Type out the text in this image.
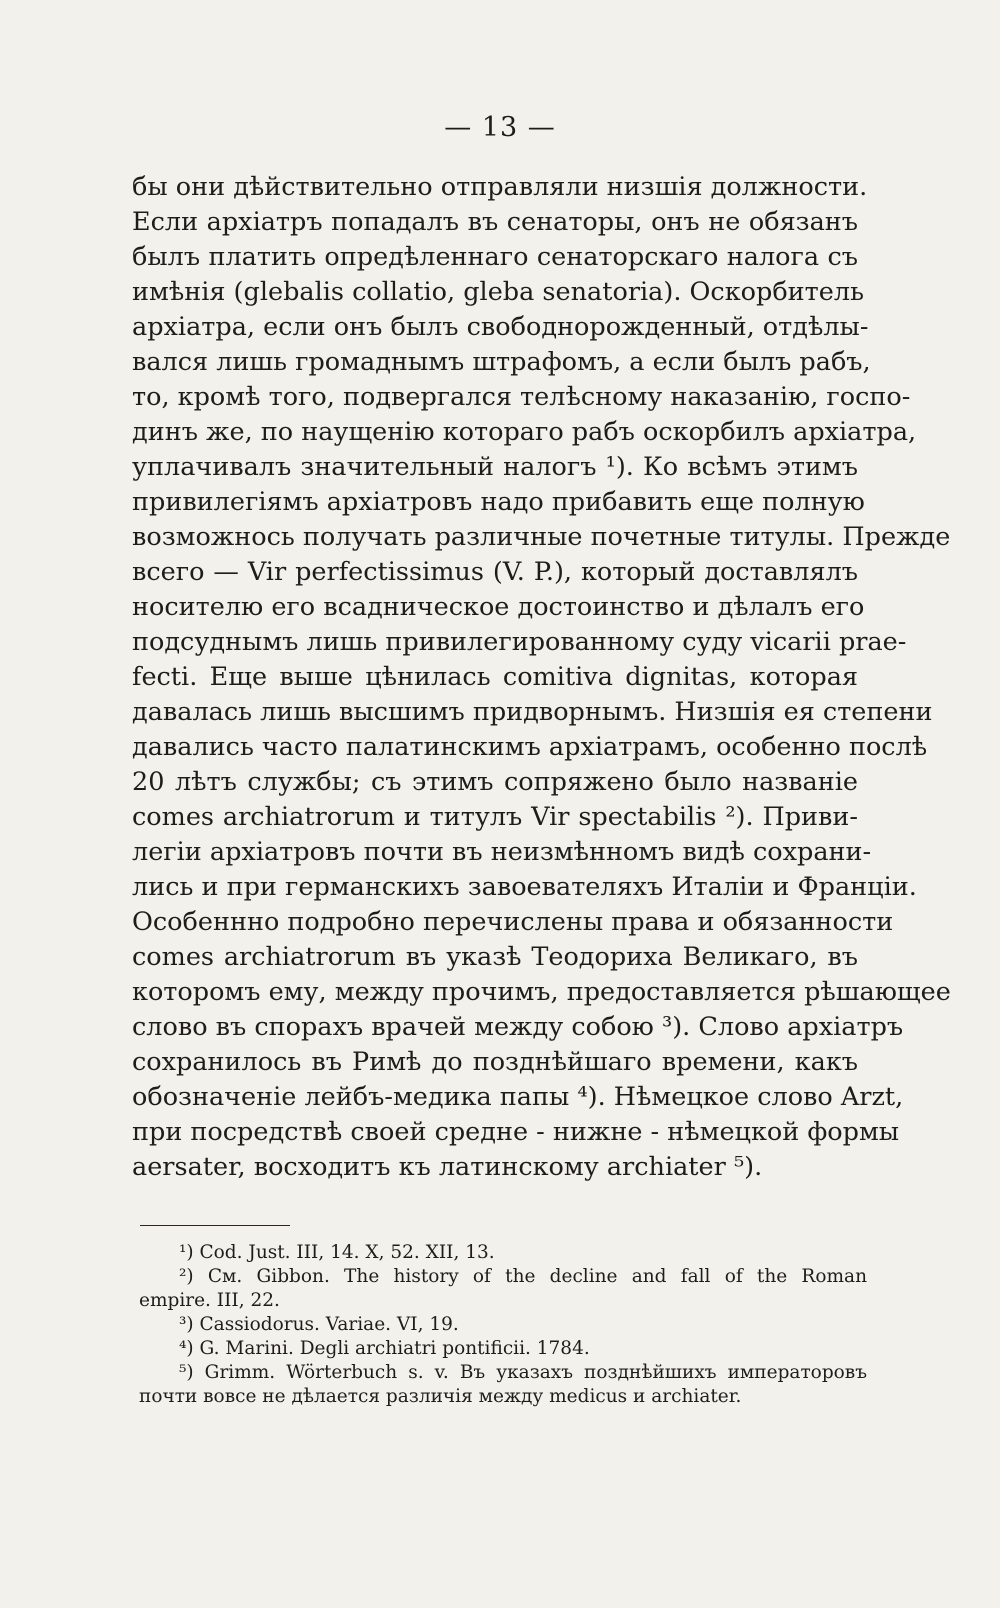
— 13 —
бы они дѣйствительно отправляли низшія должности.
Если архіатръ попадалъ въ сенаторы, онъ не обязанъ
былъ платить опредѣленнаго сенаторскаго налога съ
имѣнія (glebalis collatio, gleba senatoria). Оскорбитель
архіатра, если онъ былъ свободнорожденный, отдѣлы-
вался лишь громаднымъ штрафомъ, а если былъ рабъ,
то, кромѣ того, подвергался телѣсному наказанію, госпо-
динъ же, по наущенію котораго рабъ оскорбилъ архіатра,
уплачивалъ значительный налогъ ¹). Ко всѣмъ этимъ
привилегіямъ архіатровъ надо прибавить еще полную
возможнось получать различные почетные титулы. Прежде
всего — Vir perfectissimus (V. P.), который доставлялъ
носителю его всадническое достоинство и дѣлалъ его
подсуднымъ лишь привилегированному суду vicarii prae-
fecti. Еще выше цѣнилась comitiva dignitas, которая
давалась лишь высшимъ придворнымъ. Низшія ея степени
давались часто палатинскимъ архіатрамъ, особенно послѣ
20 лѣтъ службы; съ этимъ сопряжено было названіе
comes archiatrorum и титулъ Vir spectabilis ²). Приви-
легіи архіатровъ почти въ неизмѣнномъ видѣ сохрани-
лись и при германскихъ завоевателяхъ Италіи и Франціи.
Особеннно подробно перечислены права и обязанности
comes archiatrorum въ указѣ Теодориха Великаго, въ
которомъ ему, между прочимъ, предоставляется рѣшающее
слово въ спорахъ врачей между собою ³). Слово архіатръ
сохранилось въ Римѣ до позднѣйшаго времени, какъ
обозначеніе лейбъ-медика папы ⁴). Нѣмецкое слово Arzt,
при посредствѣ своей средне - нижне - нѣмецкой формы
aersater, восходитъ къ латинскому archiater ⁵).
¹) Cod. Just. III, 14. X, 52. XII, 13.
²) См. Gibbon. The history of the decline and fall of the Roman
empire. III, 22.
³) Cassiodorus. Variae. VI, 19.
⁴) G. Marini. Degli archiatri pontificii. 1784.
⁵) Grimm. Wörterbuch s. v. Въ указахъ позднѣйшихъ императоровъ
почти вовсе не дѣлается различія между medicus и archiater.
